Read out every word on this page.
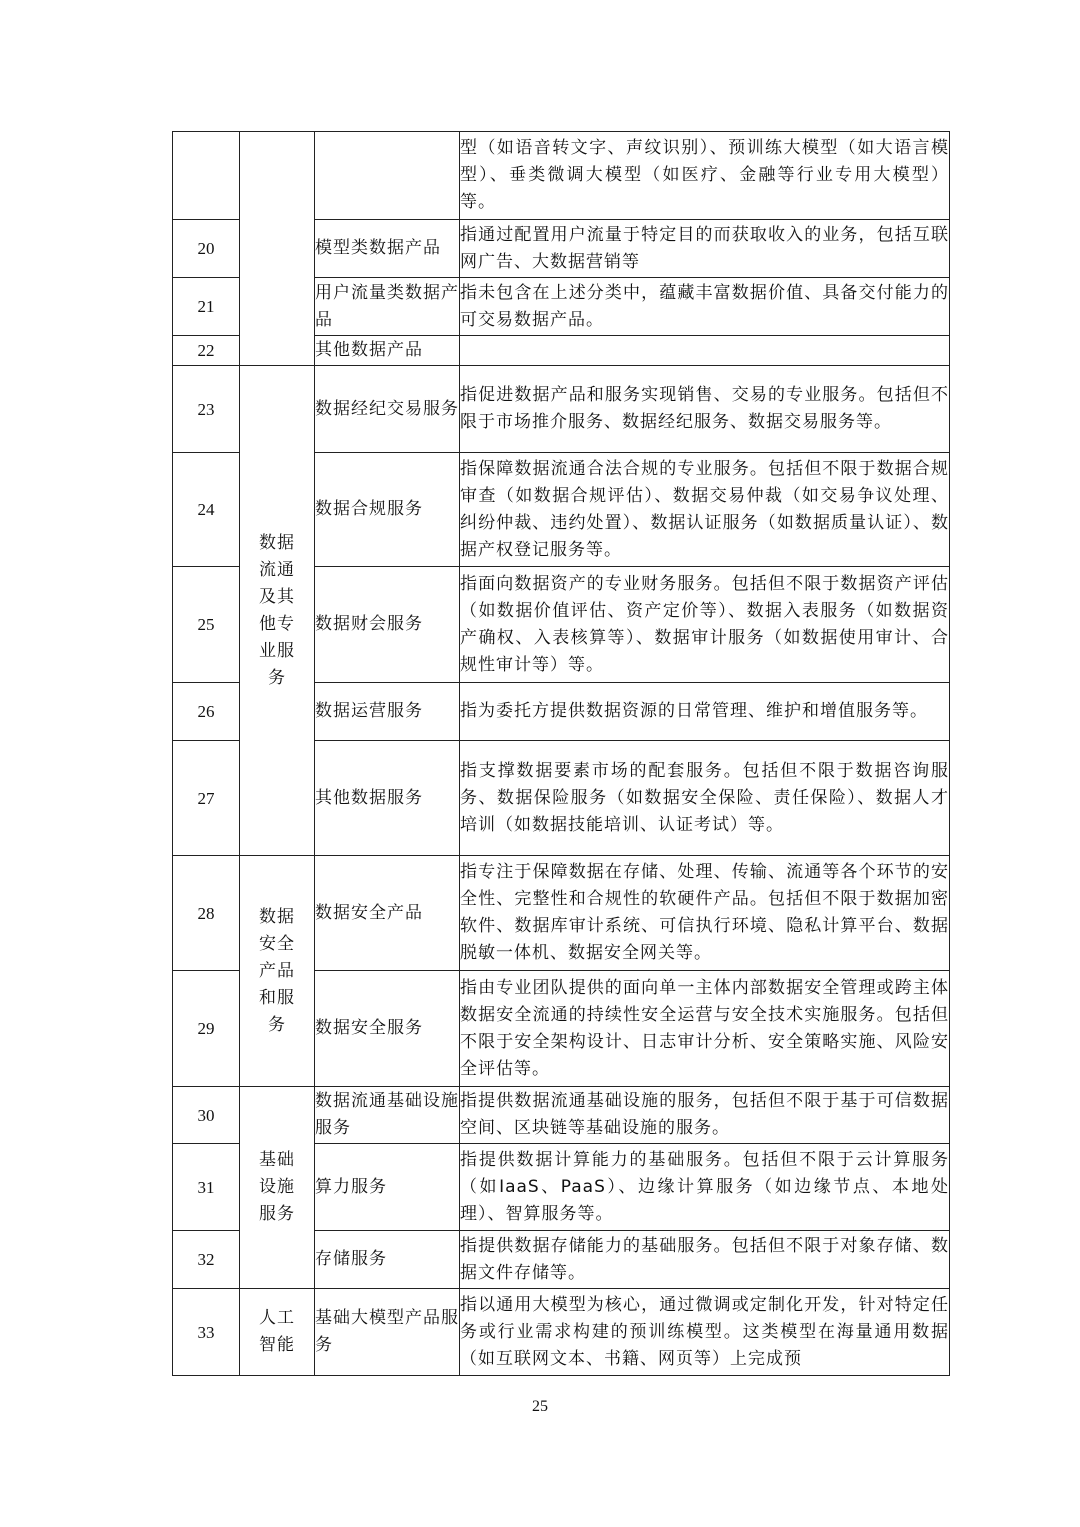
			型（如语音转文字、声纹识别）、预训练大模型（如大语言模型）、垂类微调大模型（如医疗、金融等行业专用大模型）等。
20		模型类数据产品	指通过配置用户流量于特定目的而获取收入的业务，包括互联网广告、大数据营销等
21		用户流量类数据产品	指未包含在上述分类中，蕴藏丰富数据价值、具备交付能力的可交易数据产品。
22		其他数据产品	
23	数据流通及其他专业服务	数据经纪交易服务	指促进数据产品和服务实现销售、交易的专业服务。包括但不限于市场推介服务、数据经纪服务、数据交易服务等。
24		数据合规服务	指保障数据流通合法合规的专业服务。包括但不限于数据合规审查（如数据合规评估）、数据交易仲裁（如交易争议处理、纠纷仲裁、违约处置）、数据认证服务（如数据质量认证）、数据产权登记服务等。
25		数据财会服务	指面向数据资产的专业财务服务。包括但不限于数据资产评估（如数据价值评估、资产定价等）、数据入表服务（如数据资产确权、入表核算等）、数据审计服务（如数据使用审计、合规性审计等）等。
26		数据运营服务	指为委托方提供数据资源的日常管理、维护和增值服务等。
27		其他数据服务	指支撑数据要素市场的配套服务。包括但不限于数据咨询服务、数据保险服务（如数据安全保险、责任保险）、数据人才培训（如数据技能培训、认证考试）等。
28	数据安全产品和服务	数据安全产品	指专注于保障数据在存储、处理、传输、流通等各个环节的安全性、完整性和合规性的软硬件产品。包括但不限于数据加密软件、数据库审计系统、可信执行环境、隐私计算平台、数据脱敏一体机、数据安全网关等。
29		数据安全服务	指由专业团队提供的面向单一主体内部数据安全管理或跨主体数据安全流通的持续性安全运营与安全技术实施服务。包括但不限于安全架构设计、日志审计分析、安全策略实施、风险安全评估等。
30	基础设施服务	数据流通基础设施服务	指提供数据流通基础设施的服务，包括但不限于基于可信数据空间、区块链等基础设施的服务。
31		算力服务	指提供数据计算能力的基础服务。包括但不限于云计算服务（如IaaS、PaaS）、边缘计算服务（如边缘节点、本地处理）、智算服务等。
32		存储服务	指提供数据存储能力的基础服务。包括但不限于对象存储、数据文件存储等。
33	人工智能	基础大模型产品服务	指以通用大模型为核心，通过微调或定制化开发，针对特定任务或行业需求构建的预训练模型。这类模型在海量通用数据（如互联网文本、书籍、网页等）上完成预
25
